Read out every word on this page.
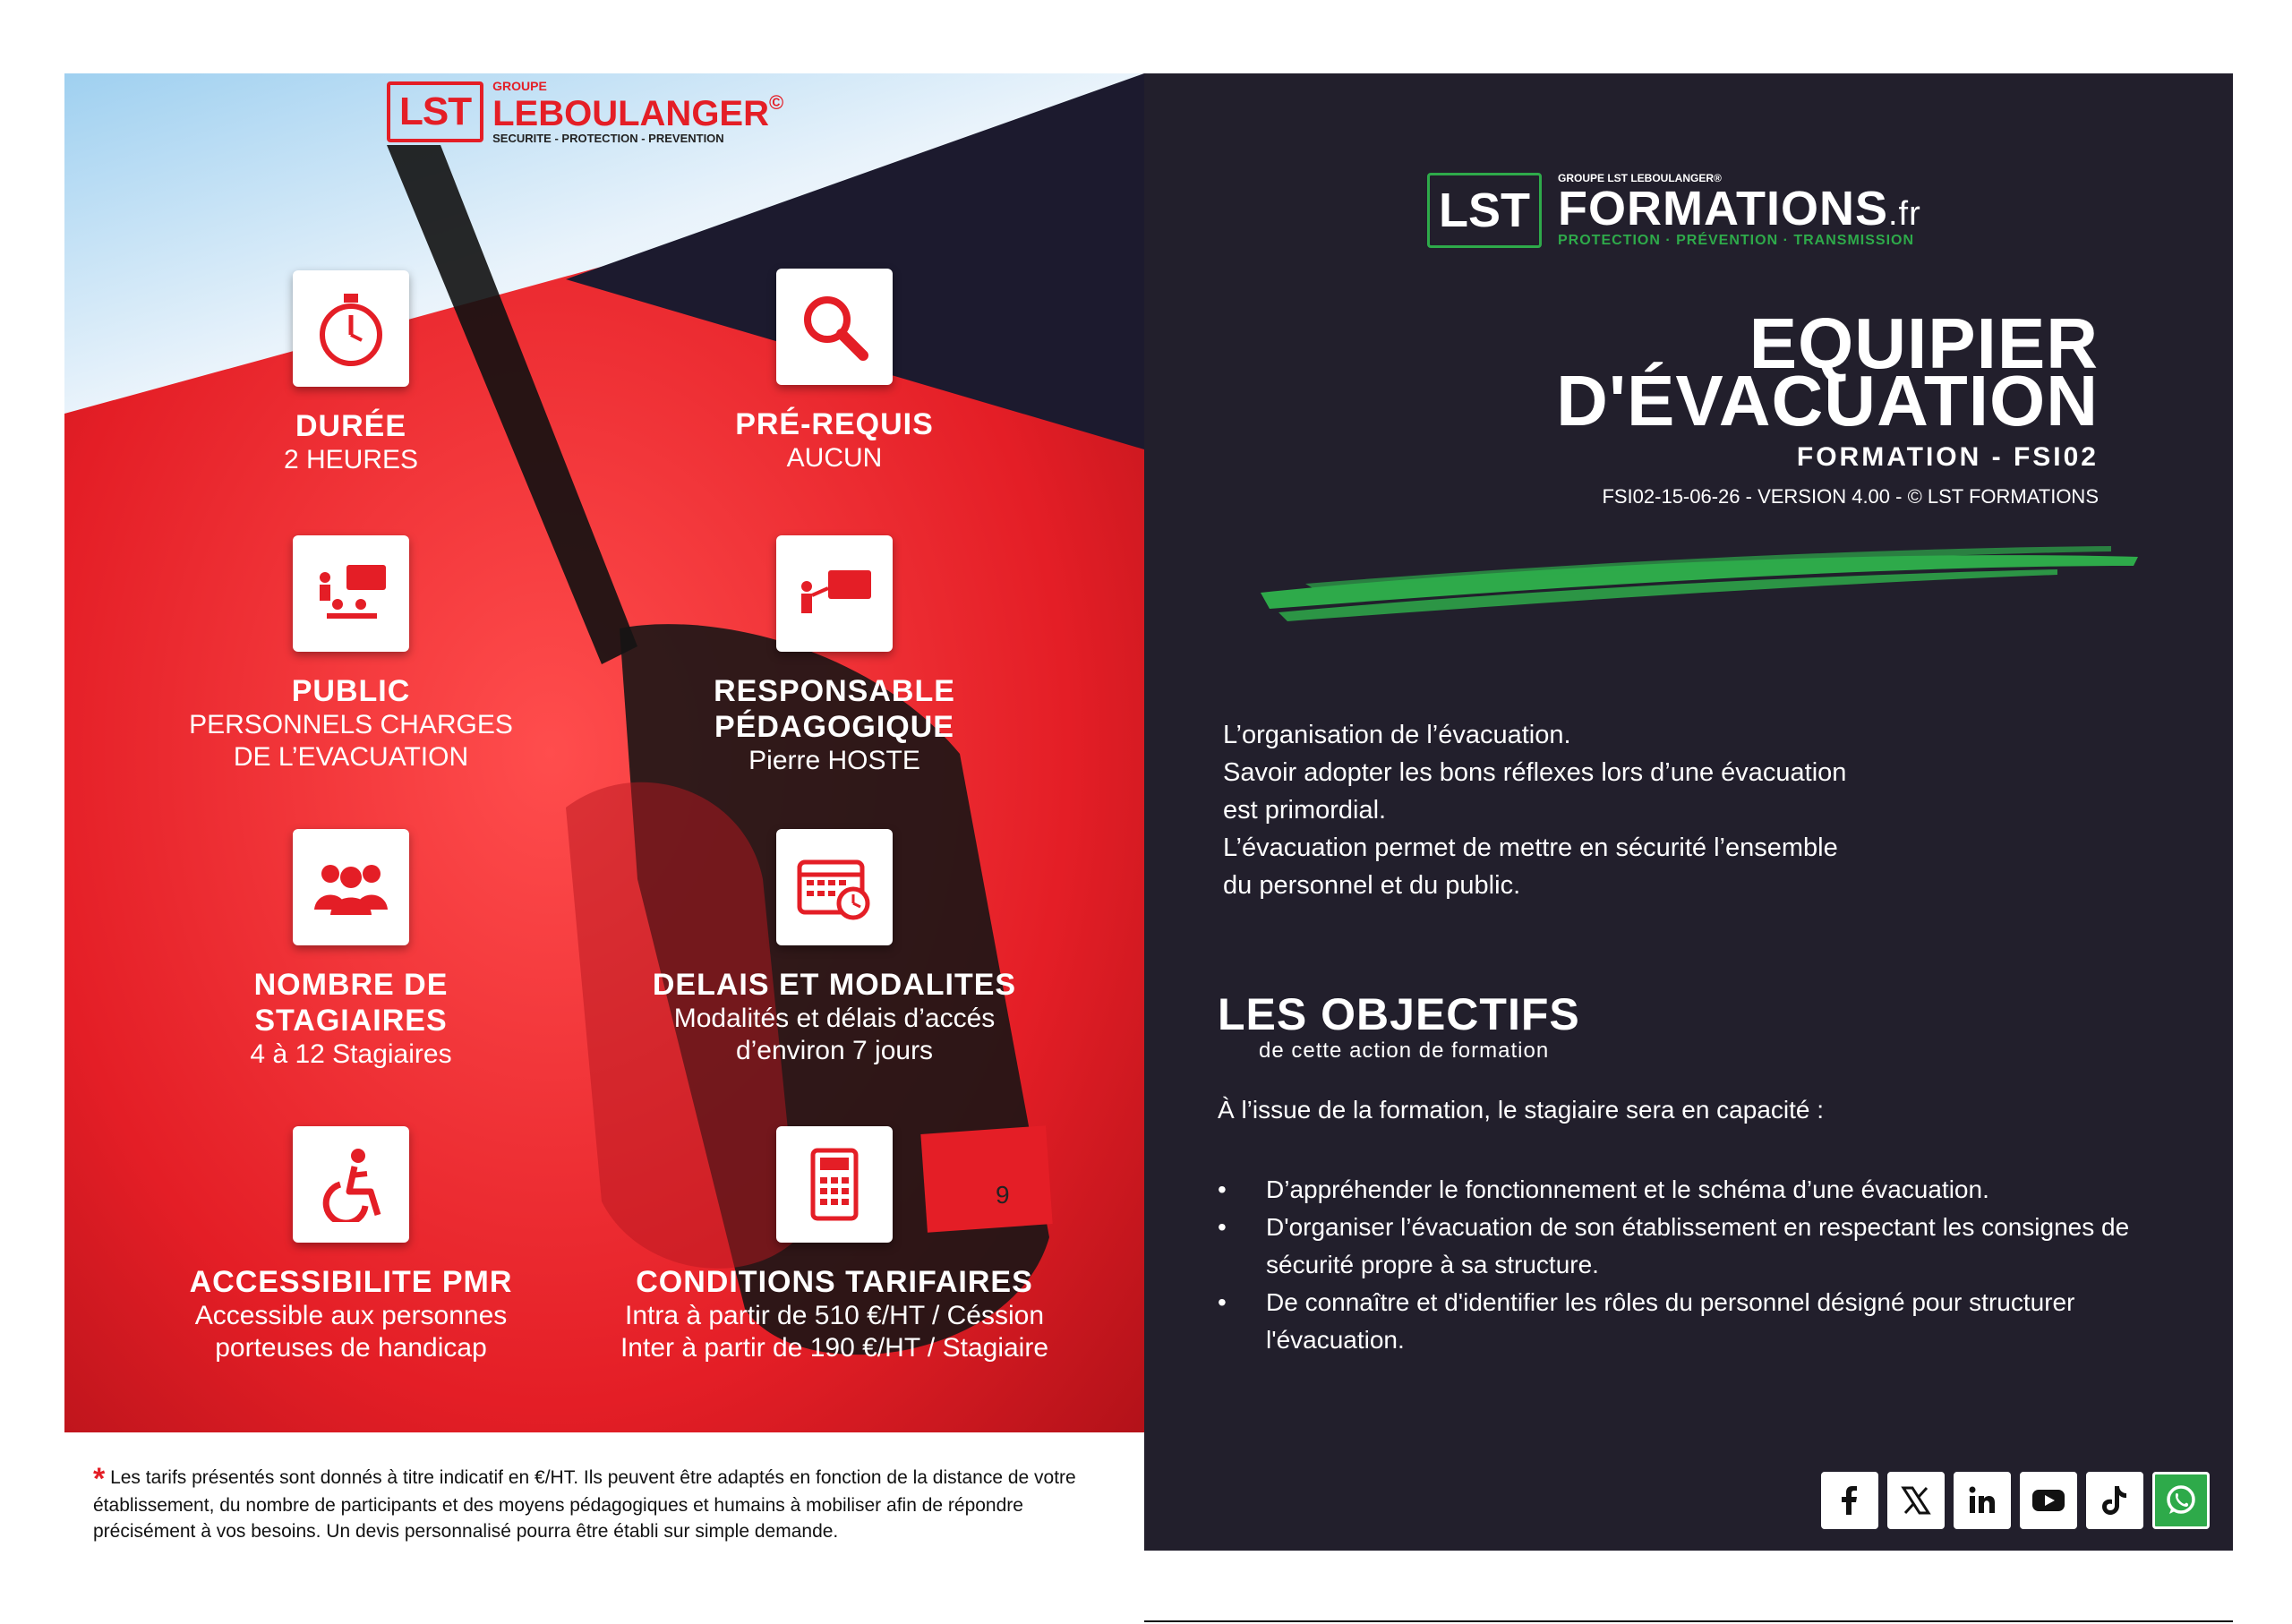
9
LST
GROUPE
LEBOULANGER©
SECURITE - PROTECTION - PREVENTION
DURÉE
2 HEURES
PRÉ-REQUIS
AUCUN
PUBLIC
PERSONNELS CHARGES
DE L’EVACUATION
RESPONSABLE PÉDAGOGIQUE
Pierre HOSTE
NOMBRE DE STAGIAIRES
4 à 12 Stagiaires
DELAIS ET MODALITES
Modalités et délais d’accés
d’environ 7 jours
ACCESSIBILITE PMR
Accessible aux personnes
porteuses de handicap
CONDITIONS TARIFAIRES
Intra à partir de 510 €/HT / Céssion
Inter à partir de 190 €/HT / Stagiaire
* Les tarifs présentés sont donnés à titre indicatif en €/HT. Ils peuvent être adaptés en fonction de la distance de votre établissement, du nombre de participants et des moyens pédagogiques et humains à mobiliser afin de répondre précisément à vos besoins. Un devis personnalisé pourra être établi sur simple demande.
LST
GROUPE LST LEBOULANGER®
FORMATIONS.fr
PROTECTION · PRÉVENTION · TRANSMISSION
EQUIPIER
D'ÉVACUATION
FORMATION - FSI02
FSI02-15-06-26 - VERSION 4.00 - © LST FORMATIONS
L’organisation de l’évacuation.
Savoir adopter les bons réflexes lors d’une évacuation
est primordial.
L’évacuation permet de mettre en sécurité l’ensemble
du personnel et du public.
LES OBJECTIFS
de cette action de formation
À l’issue de la formation, le stagiaire sera en capacité :
• D’appréhender le fonctionnement et le schéma d’une évacuation.
• D'organiser l’évacuation de son établissement en respectant les consignes de sécurité propre à sa structure.
• De connaître et d'identifier les rôles du personnel désigné pour structurer l'évacuation.
